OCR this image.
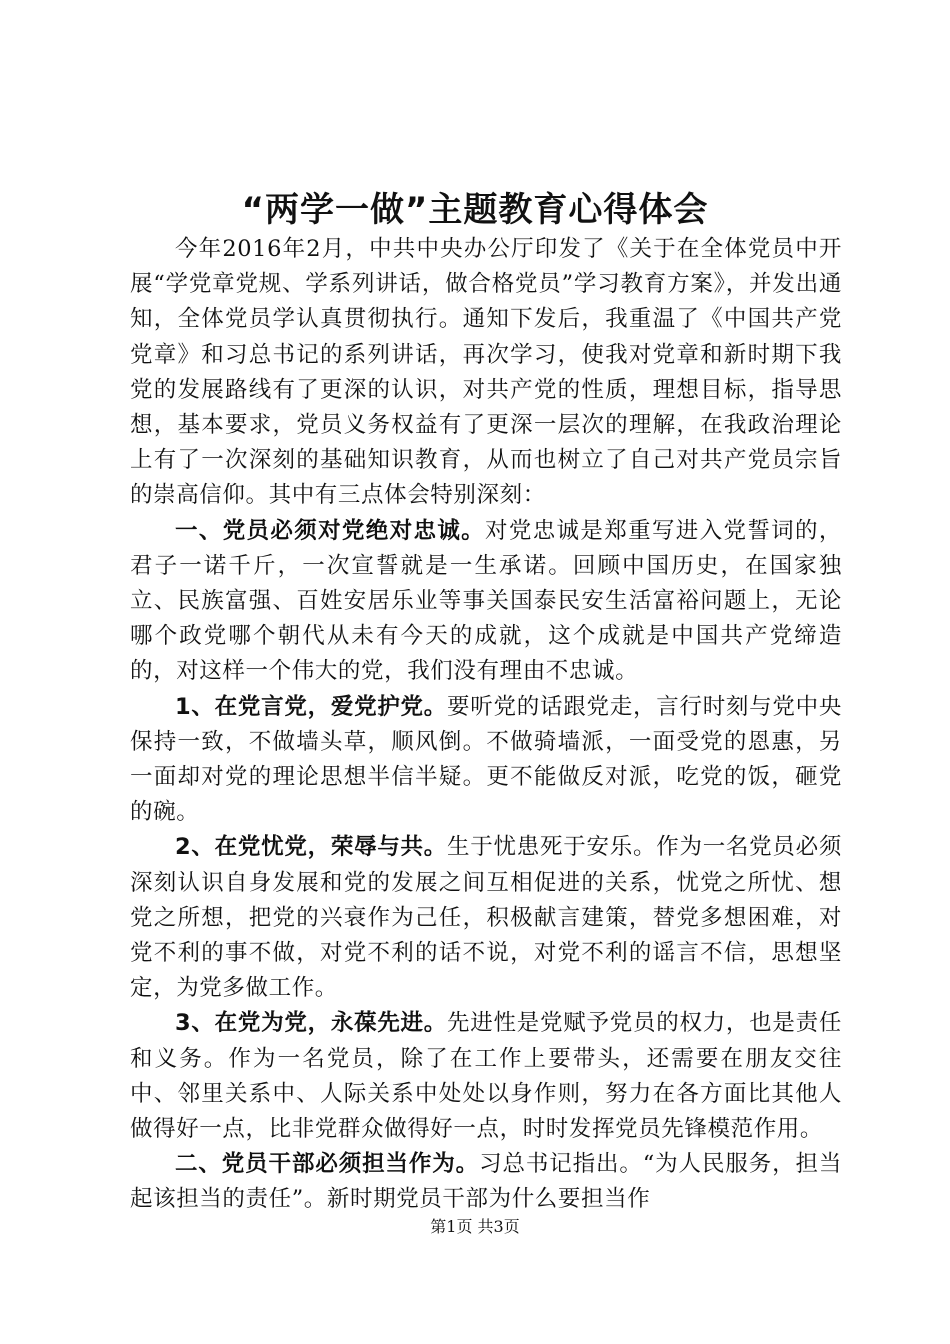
“两学一做”主题教育心得体会

今年2016年2月，中共中央办公厅印发了《关于在全体党员中开展“学党章党规、学系列讲话，做合格党员”学习教育方案》，并发出通知，全体党员学认真贯彻执行。通知下发后，我重温了《中国共产党党章》和习总书记的系列讲话，再次学习，使我对党章和新时期下我党的发展路线有了更深的认识，对共产党的性质，理想目标，指导思想，基本要求，党员义务权益有了更深一层次的理解，在我政治理论上有了一次深刻的基础知识教育，从而也树立了自己对共产党员宗旨的崇高信仰。其中有三点体会特别深刻：

一、党员必须对党绝对忠诚。对党忠诚是郑重写进入党誓词的，君子一诺千斤，一次宣誓就是一生承诺。回顾中国历史，在国家独立、民族富强、百姓安居乐业等事关国泰民安生活富裕问题上，无论哪个政党哪个朝代从未有今天的成就，这个成就是中国共产党缔造的，对这样一个伟大的党，我们没有理由不忠诚。

1、在党言党，爱党护党。要听党的话跟党走，言行时刻与党中央保持一致，不做墙头草，顺风倒。不做骑墙派，一面受党的恩惠，另一面却对党的理论思想半信半疑。更不能做反对派，吃党的饭，砸党的碗。

2、在党忧党，荣辱与共。生于忧患死于安乐。作为一名党员必须深刻认识自身发展和党的发展之间互相促进的关系，忧党之所忧、想党之所想，把党的兴衰作为己任，积极献言建策，替党多想困难，对党不利的事不做，对党不利的话不说，对党不利的谣言不信，思想坚定，为党多做工作。

3、在党为党，永葆先进。先进性是党赋予党员的权力，也是责任和义务。作为一名党员，除了在工作上要带头，还需要在朋友交往中、邻里关系中、人际关系中处处以身作则，努力在各方面比其他人做得好一点，比非党群众做得好一点，时时发挥党员先锋模范作用。

二、党员干部必须担当作为。习总书记指出。“为人民服务，担当起该担当的责任”。新时期党员干部为什么要担当作

第1页 共3页
